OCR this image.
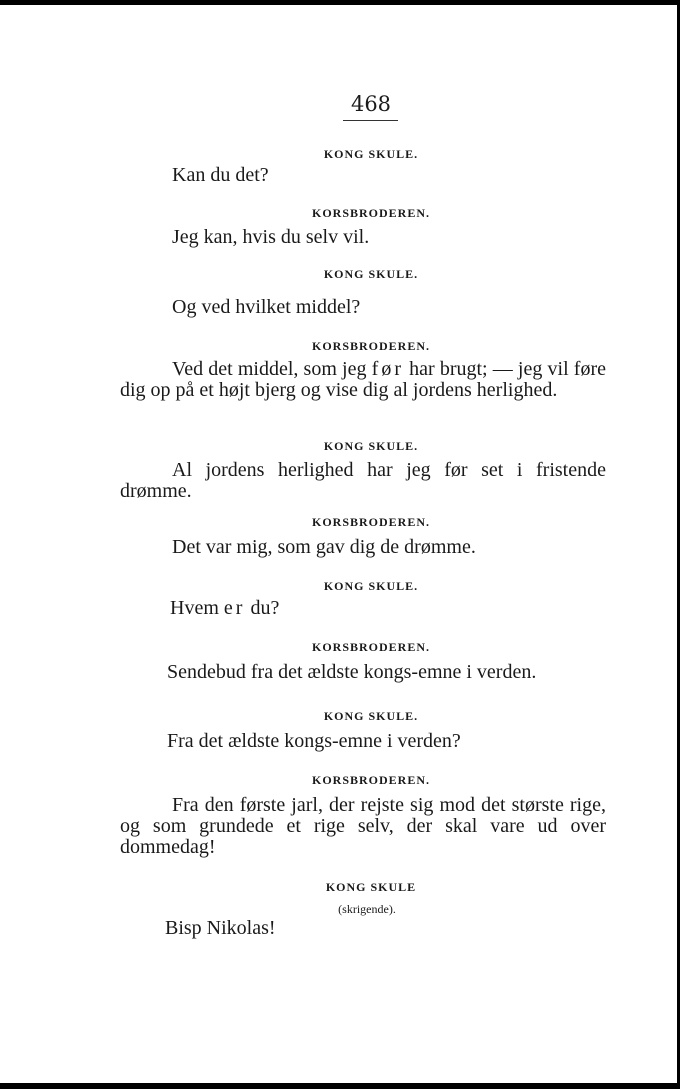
468
KONG SKULE.
Kan du det?
KORSBRODEREN.
Jeg kan, hvis du selv vil.
KONG SKULE.
Og ved hvilket middel?
KORSBRODEREN.
Ved det middel, som jeg før har brugt; — jeg vil føre dig op på et højt bjerg og vise dig al jordens herlighed.
KONG SKULE.
Al jordens herlighed har jeg før set i fristende drømme.
KORSBRODEREN.
Det var mig, som gav dig de drømme.
KONG SKULE.
Hvem er du?
KORSBRODEREN.
Sendebud fra det ældste kongs-emne i verden.
KONG SKULE.
Fra det ældste kongs-emne i verden?
KORSBRODEREN.
Fra den første jarl, der rejste sig mod det største rige, og som grundede et rige selv, der skal vare ud over dommedag!
KONG SKULE
(skrigende).
Bisp Nikolas!
